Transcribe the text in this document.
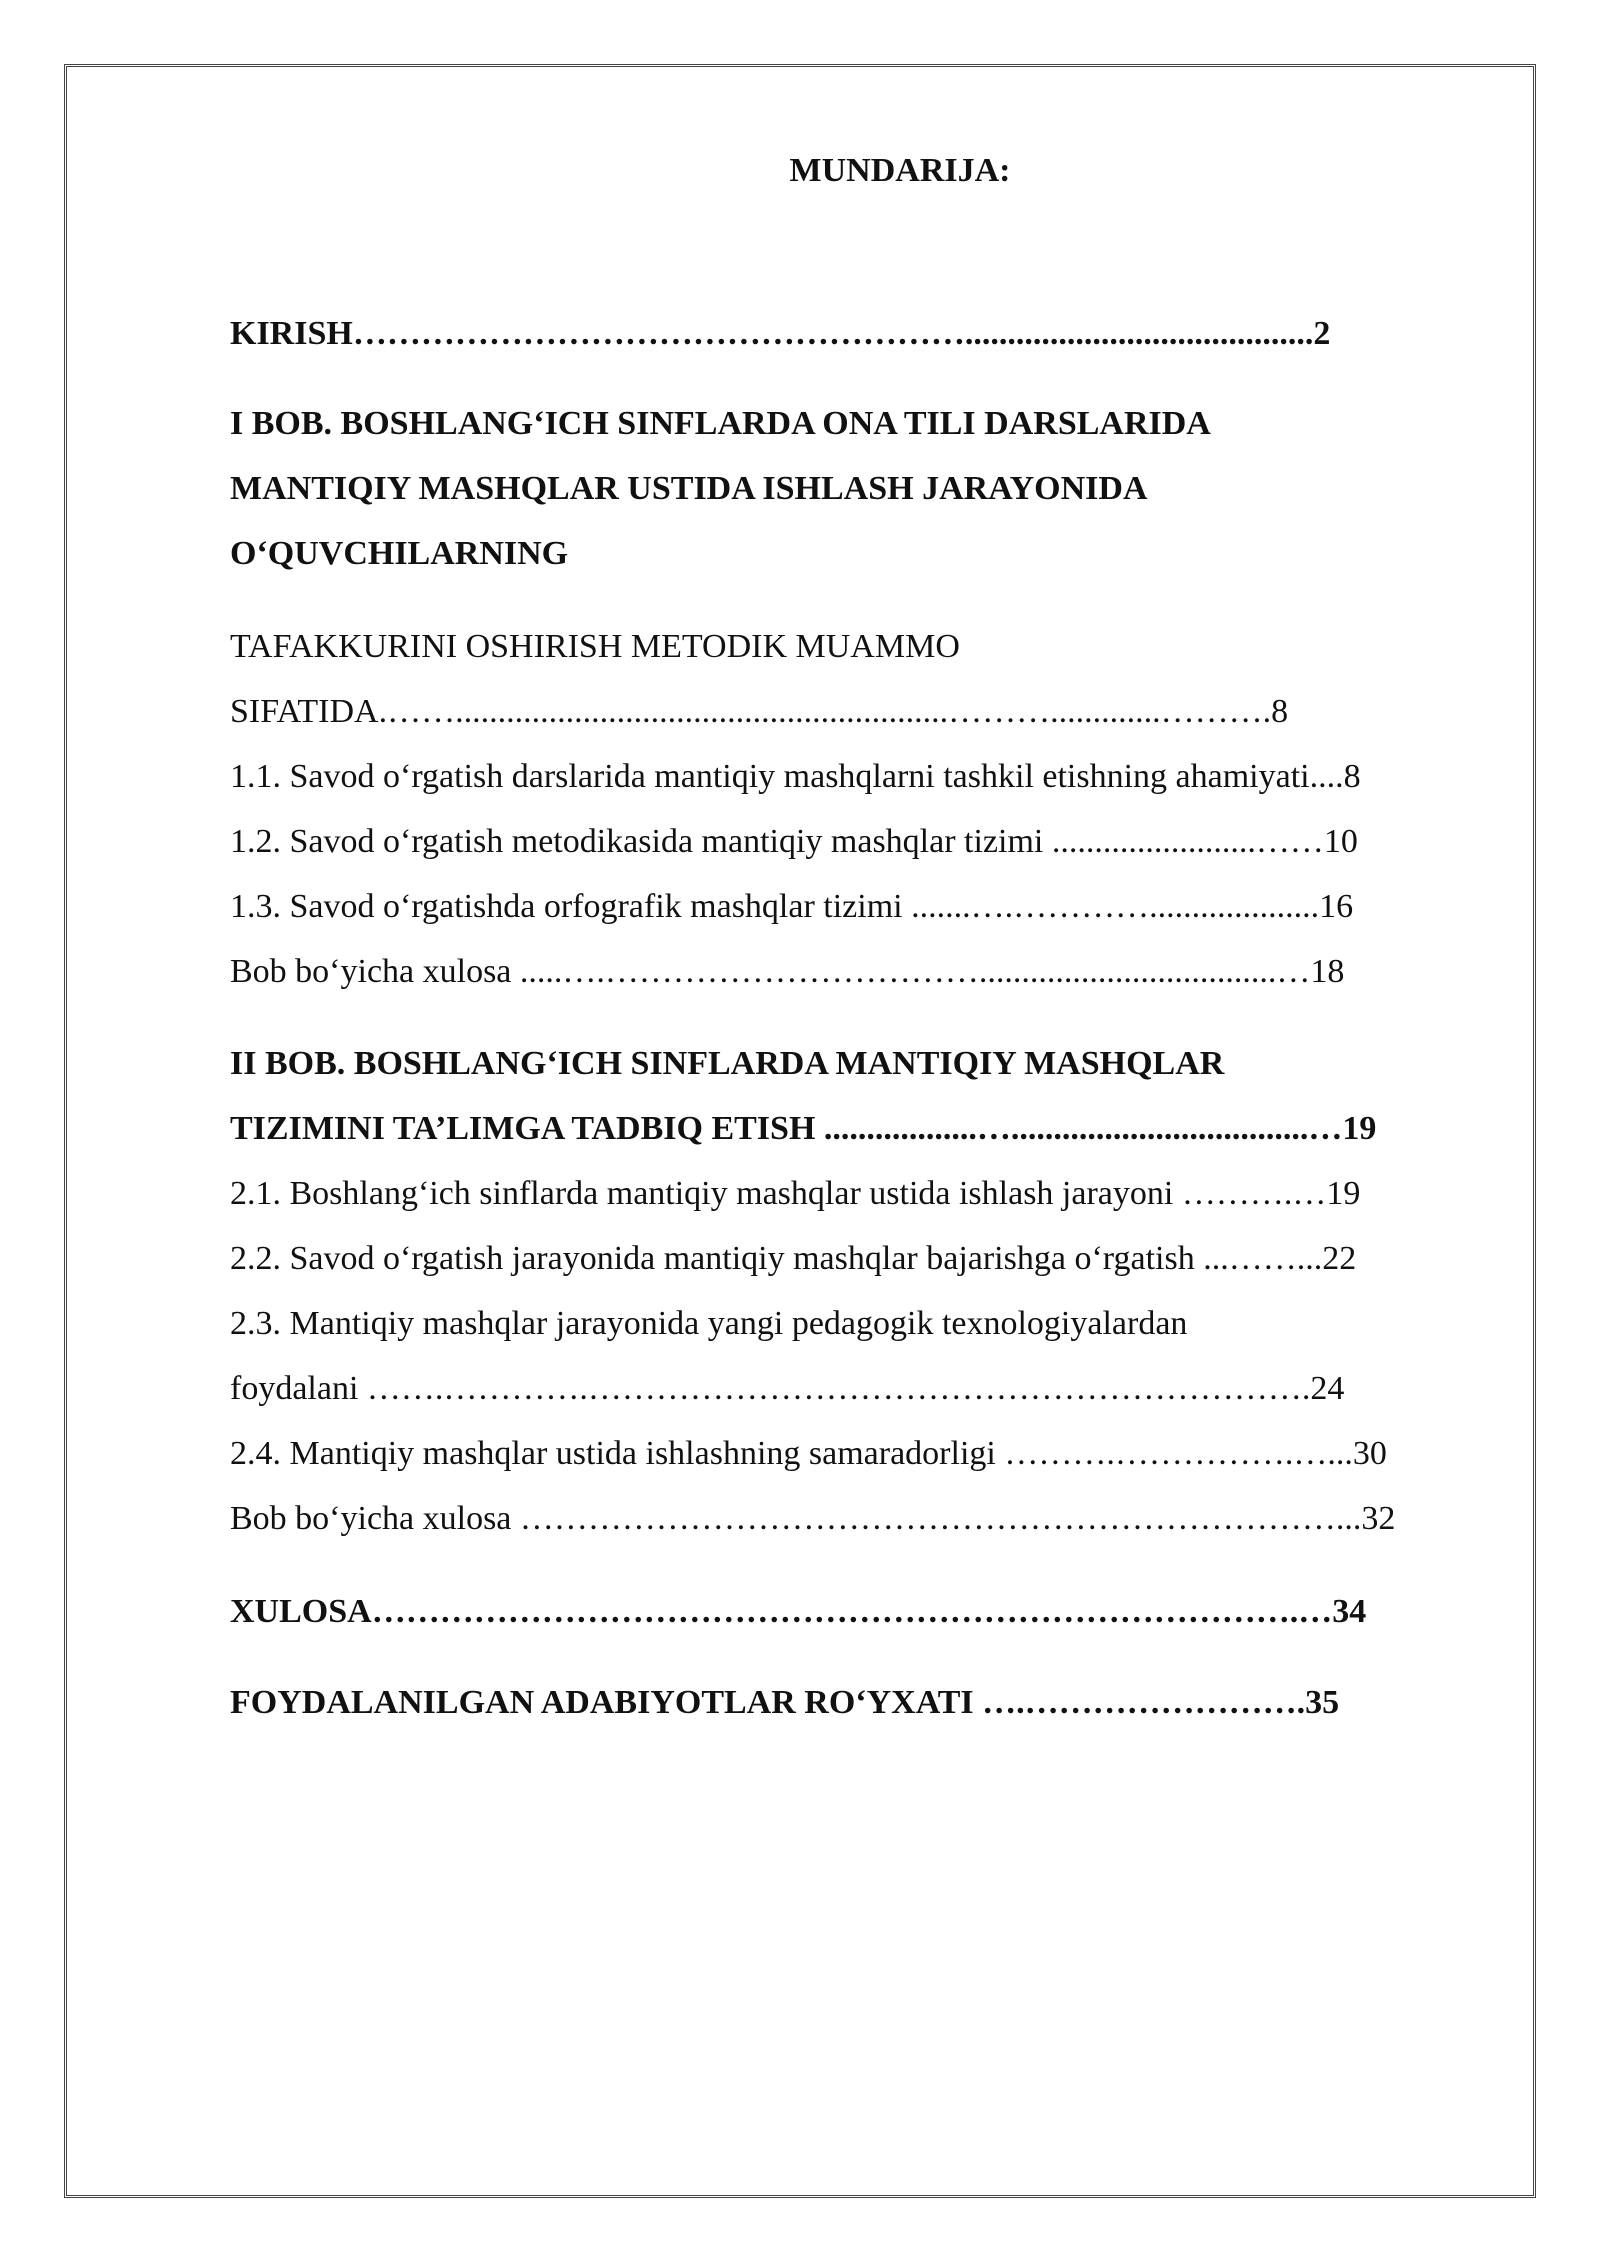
MUNDARIJA:
KIRISH……………………………………………….........................................2
I BOB. BOSHLANG‘ICH SINFLARDA ONA TILI DARSLARIDA
MANTIQIY MASHQLAR USTIDA ISHLASH JARAYONIDA
O‘QUVCHILARNING
TAFAKKURINI OSHIRISH METODIK MUAMMO
SIFATIDA.……..........................................................……….............……….8
1.1. Savod o‘rgatish darslarida mantiqiy mashqlarni tashkil etishning ahamiyati....8
1.2. Savod o‘rgatish metodikasida mantiqiy mashqlar tizimi ........................……10
1.3. Savod o‘rgatishda orfografik mashqlar tizimi .......….…………....................16
Bob bo‘yicha xulosa .....….……………………………...................................…18
II BOB. BOSHLANG‘ICH SINFLARDA MANTIQIY MASHQLAR
TIZIMINI TA’LIMGA TADBIQ ETISH ..................…...................................…19
2.1. Boshlang‘ich sinflarda mantiqiy mashqlar ustida ishlash jarayoni ……….…19
2.2. Savod o‘rgatish jarayonida mantiqiy mashqlar bajarishga o‘rgatish ...……...22
2.3. Mantiqiy mashqlar jarayonida yangi pedagogik texnologiyalardan
foydalani …….………….……………………………………………………….24
2.4. Mantiqiy mashqlar ustida ishlashning samaradorligi ……….…………….…...30
Bob bo‘yicha xulosa ………………………………………………………………...32
XULOSA……………………………………………………………………….…34
FOYDALANILGAN ADABIYOTLAR RO‘YXATI ….…………………….35
